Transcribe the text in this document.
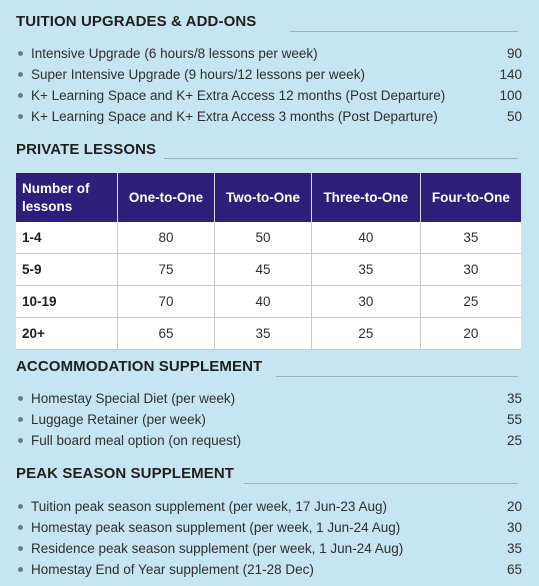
TUITION UPGRADES & ADD-ONS
Intensive Upgrade (6 hours/8 lessons per week)	90
Super Intensive Upgrade (9 hours/12 lessons per week)	140
K+ Learning Space and K+ Extra Access 12 months (Post Departure)	100
K+ Learning Space and K+ Extra Access 3 months (Post Departure)	50
PRIVATE LESSONS
Number of lessons	One-to-One	Two-to-One	Three-to-One	Four-to-One
1-4	80	50	40	35
5-9	75	45	35	30
10-19	70	40	30	25
20+	65	35	25	20
ACCOMMODATION SUPPLEMENT
Homestay Special Diet (per week)	35
Luggage Retainer (per week)	55
Full board meal option (on request)	25
PEAK SEASON SUPPLEMENT
Tuition peak season supplement (per week, 17 Jun-23 Aug)	20
Homestay peak season supplement (per week, 1 Jun-24 Aug)	30
Residence peak season supplement (per week, 1 Jun-24 Aug)	35
Homestay End of Year supplement (21-28 Dec)	65
